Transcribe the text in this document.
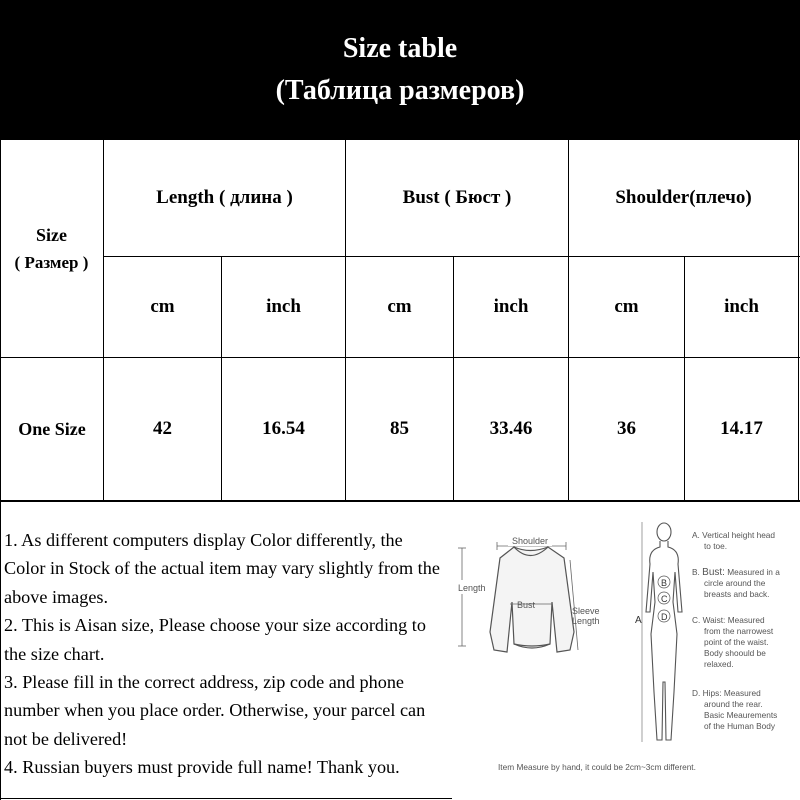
Size table
(Таблица размеров)
Size
( Размер )
Length ( длина )	Bust ( Бюст )	Shoulder(плечо)
cm	inch	cm	inch	cm	inch
One Size	42	16.54	85	33.46	36	14.17

1. As different computers display Color differently, the Color in Stock of the actual item may vary slightly from the above images.

2. This is Aisan size, Please choose your size according to the size chart.

3. Please fill in the correct address, zip code and phone number when you place order. Otherwise, your parcel can not be delivered!

4. Russian buyers must provide full name! Thank you.

Shoulder
Length
Bust
Sleeve
Length	A
B
C
D
A. Vertical height head
to toe.
B. Bust: Measured in a
circle around the
breasts and back.
C. Waist: Measured
from the narrowest
point of the waist.
Body shoould be
relaxed.
D. Hips: Measured
around the rear.
Basic Meaurements
of the Human Body
Item Measure by hand, it could be 2cm~3cm different.
